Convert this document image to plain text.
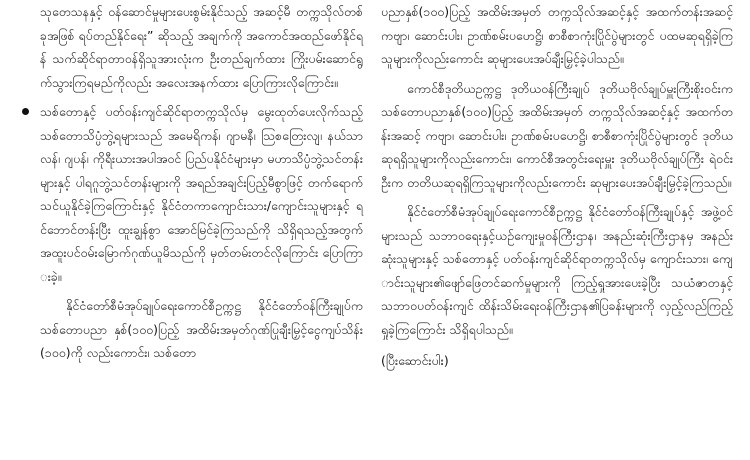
သုတေသနနှင့် ဝန်ဆောင်မှုများပေးစွမ်းနိုင်သည့် အဆင့်မီ တက္ကသိုလ်တစ်ခုအဖြစ် ရပ်တည်နိုင်ရေး” ဆိုသည့် အချက်ကို အကောင်အထည်ဖော်နိုင်ရန် သက်ဆိုင်ရာတာဝန်ရှိသူအားလုံးက ဦးတည်ချက်ထား ကြိုးပမ်းဆောင်ရွက်သွားကြရမည်ကိုလည်း အလေးအနက်ထား ပြောကြားလိုကြောင်း။

သစ်တောနှင့် ပတ်ဝန်းကျင်ဆိုင်ရာတက္ကသိုလ်မှ မွေးထုတ်ပေးလိုက်သည့် သစ်တောသိပ္ပံဘွဲ့ရများသည် အမေရိကန်၊ ဂျာမနီ၊ သြစတြေးလျ၊ နယ်သာလန်၊ ဂျပန်၊ ကိုရီးယားအပါအဝင် ပြည်ပနိုင်ငံများမှာ မဟာသိပ္ပံဘွဲ့သင်တန်းများနှင့် ပါရဂူဘွဲ့သင်တန်းများကို အရည်အချင်းပြည့်မီစွာဖြင့် တက်ရောက်သင်ယူနိုင်ခဲ့ကြကြောင်းနှင့် နိုင်ငံတကာကျောင်းသား/ကျောင်းသူများနှင့် ရင်ဘောင်တန်းပြီး ထူးချွန်စွာ အောင်မြင်ခဲ့ကြသည်ကို သိရှိရသည့်အတွက် အထူးပင်ဝမ်းမြောက်ဂုဏ်ယူမိသည်ကို မှတ်တမ်းတင်လိုကြောင်း ပြောကြားခဲ့။

နိုင်ငံတော်စီမံအုပ်ချုပ်ရေးကောင်စီဥက္ကဋ္ဌ နိုင်ငံတော်ဝန်ကြီးချုပ်က သစ်တောပညာ နှစ်(၁၀၀)ပြည့် အထိမ်းအမှတ်ဂုဏ်ပြုချီးမြှင့်ငွေကျပ်သိန်း(၁၀၀)ကို လည်းကောင်း၊ သစ်တော

ပညာနှစ်(၁၀၀)ပြည့် အထိမ်းအမှတ် တက္ကသိုလ်အဆင့်နှင့် အထက်တန်းအဆင့် ကဗျာ၊ ဆောင်းပါး၊ ဥာဏ်စမ်းပဟေဋ္ဌိ၊ စာစီစာကုံးပြိုင်ပွဲများတွင် ပထမဆုရရှိခဲ့ကြသူများကိုလည်းကောင်း ဆုများပေးအပ်ချီးမြှင့်ခဲ့ပါသည်။

ကောင်စီဒုတိယဥက္ကဋ္ဌ ဒုတိယဝန်ကြီးချုပ် ဒုတိယဗိုလ်ချုပ်မှူးကြီးစိုးဝင်းက သစ်တောပညာနှစ်(၁၀၀)ပြည့် အထိမ်းအမှတ် တက္ကသိုလ်အဆင့်နှင့် အထက်တန်းအဆင့် ကဗျာ၊ ဆောင်းပါး၊ ဥာဏ်စမ်းပဟေဋ္ဌိ၊ စာစီစာကုံးပြိုင်ပွဲများတွင် ဒုတိယဆုရရှိသူများကိုလည်းကောင်း၊ ကောင်စီအတွင်းရေးမှူး ဒုတိယဗိုလ်ချုပ်ကြီး ရဲဝင်းဦးက တတိယဆုရရှိကြသူများကိုလည်းကောင်း ဆုများပေးအပ်ချီးမြှင့်ခဲ့ကြသည်။

နိုင်ငံတော်စီမံအုပ်ချုပ်ရေးကောင်စီဥက္ကဋ္ဌ နိုင်ငံတော်ဝန်ကြီးချုပ်နှင့် အဖွဲ့ဝင်များသည် သဘာဝရေးနှင့်ယဉ်ကျေးမှုဝန်ကြီးဌာန၊ အနည်းဆုံးကြီးဌာနမှ အနည်းဆုံးသူများနှင့် သစ်တောနှင့် ပတ်ဝန်းကျင်ဆိုင်ရာတက္ကသိုလ်မှ ကျောင်းသား၊ ကျောင်းသူများ၏ဖျော်ဖြေတင်ဆက်မှုများကို ကြည့်ရှုအားပေးခဲ့ပြီး သယံဇာတနှင့် သဘာဝပတ်ဝန်းကျင် ထိန်းသိမ်းရေးဝန်ကြီးဌာန၏ပြခန်းများကို လှည့်လည်ကြည့်ရှုခဲ့ကြကြောင်း သိရှိရပါသည်။

(ပြီးဆောင်းပါး)
